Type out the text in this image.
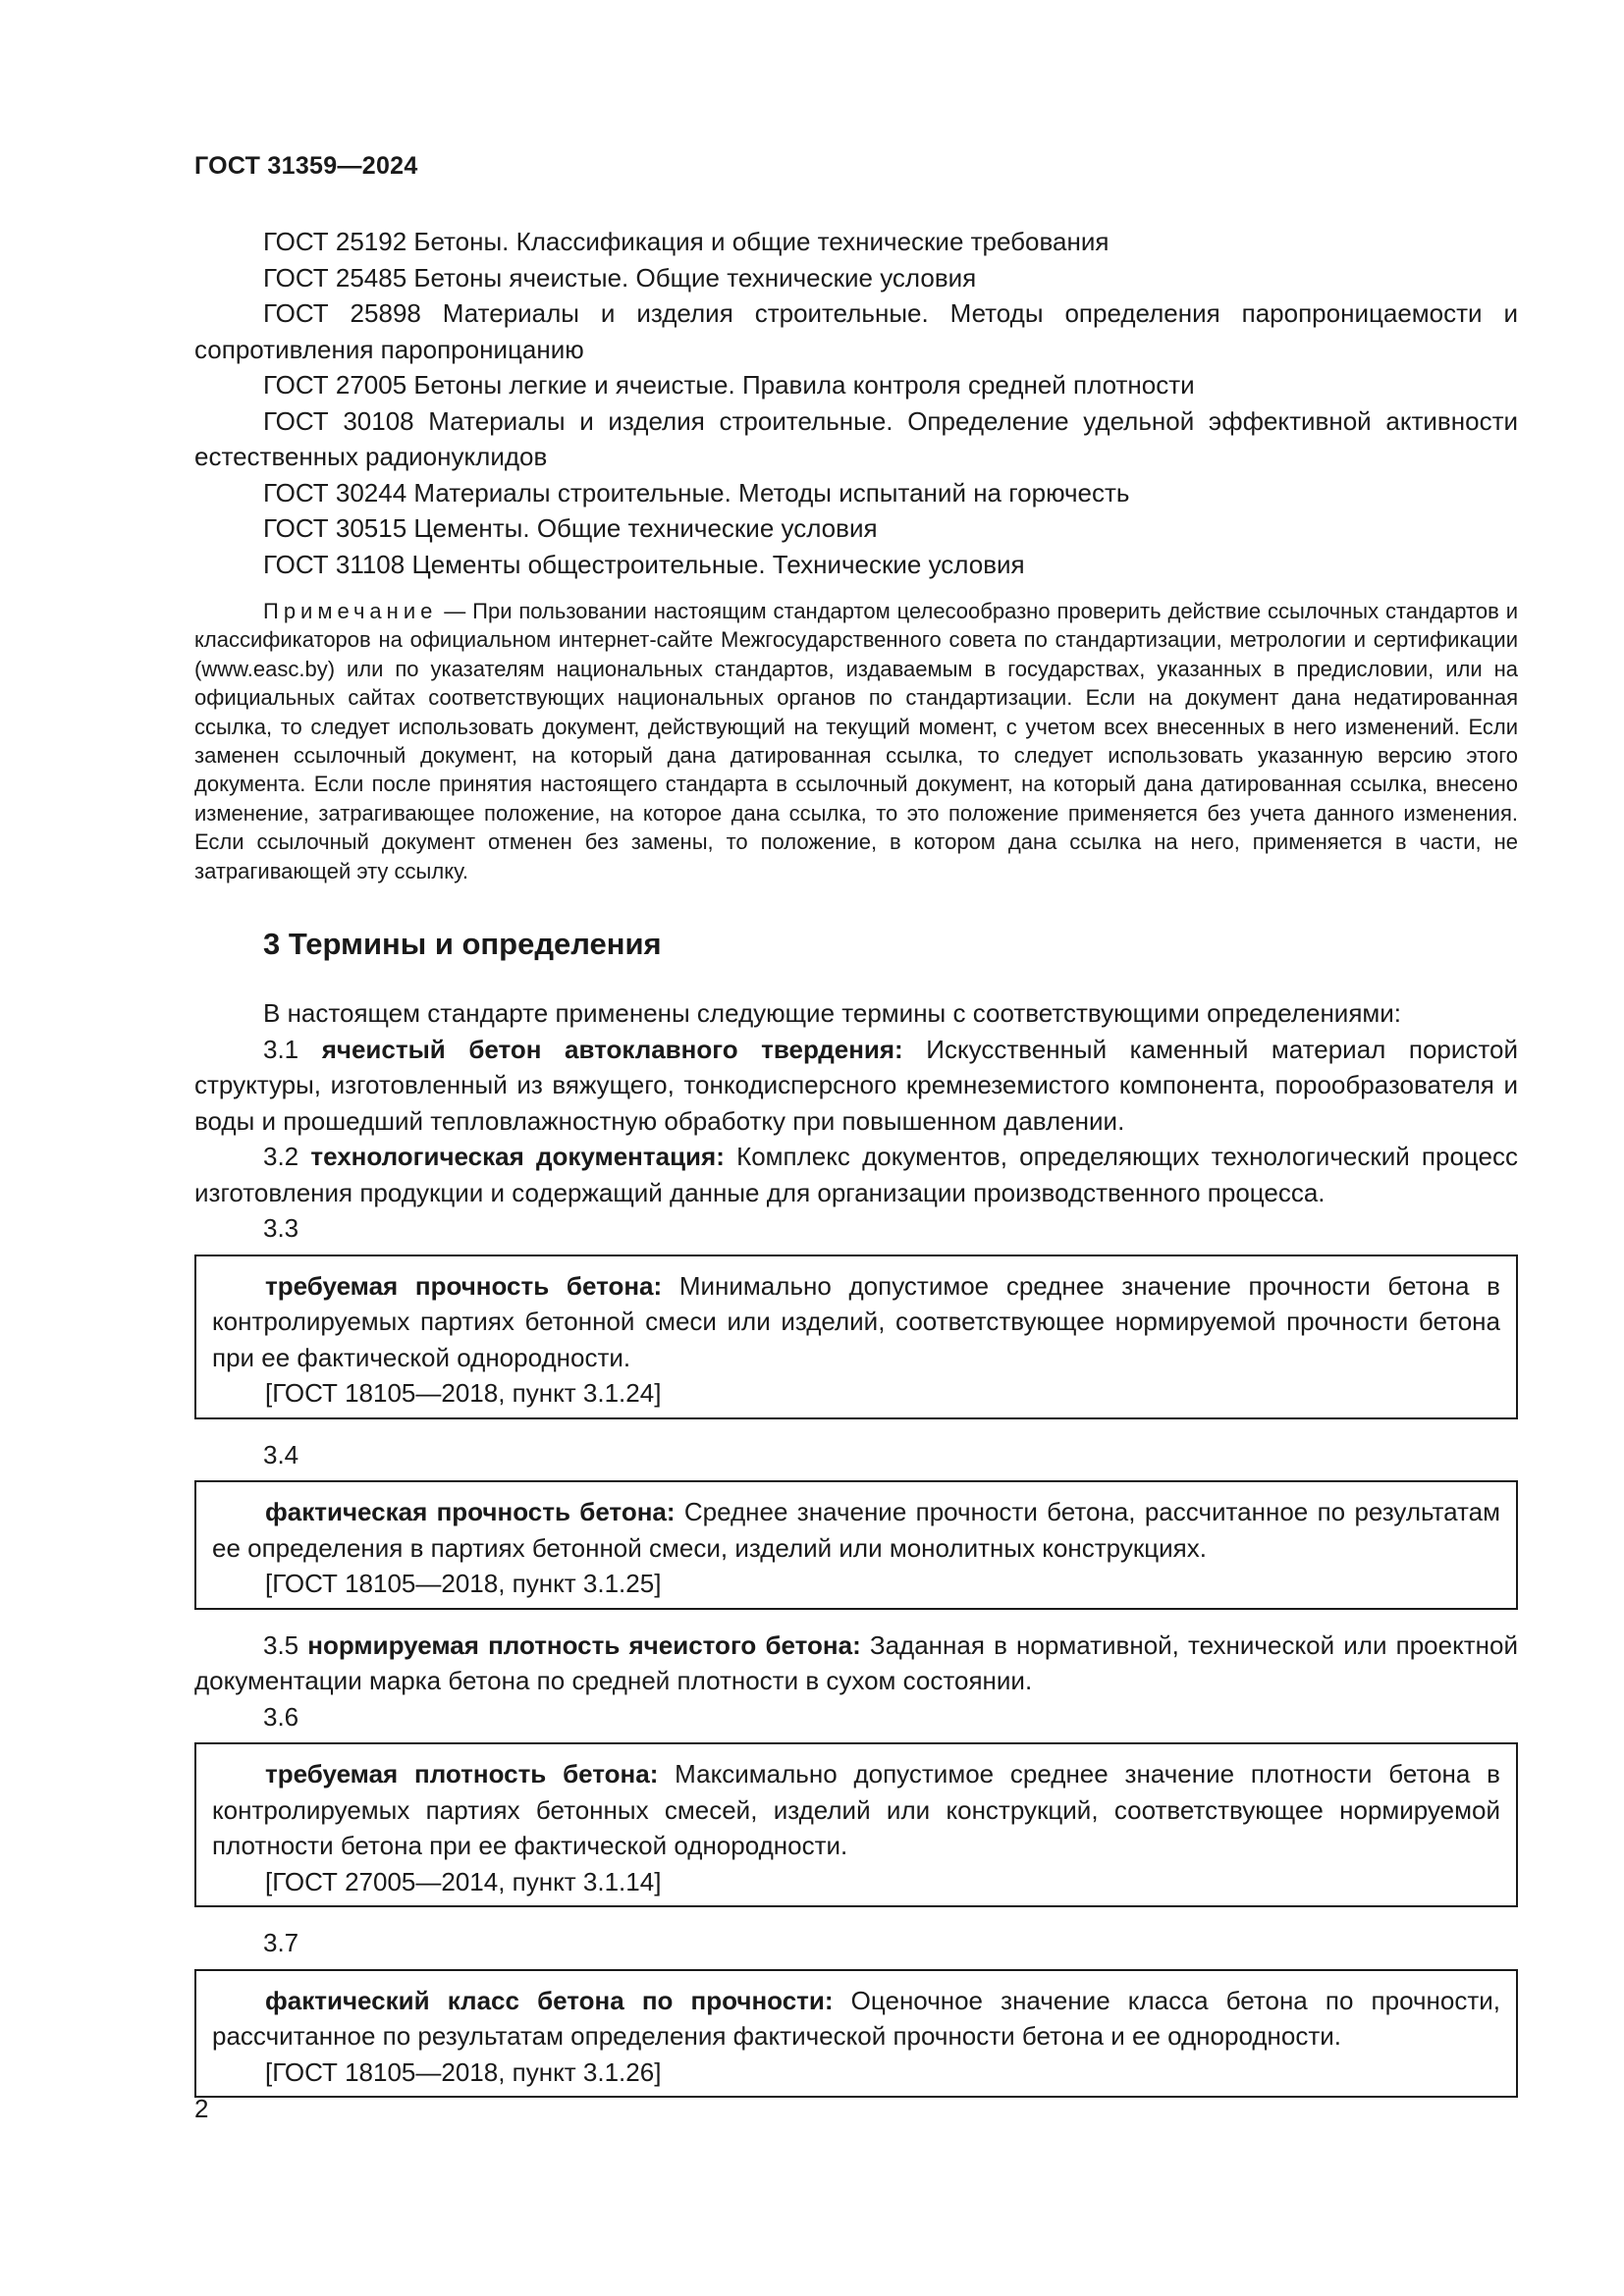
ГОСТ 31359—2024

ГОСТ 25192 Бетоны. Классификация и общие технические требования

ГОСТ 25485 Бетоны ячеистые. Общие технические условия

ГОСТ 25898 Материалы и изделия строительные. Методы определения паропроницаемости и сопротивления паропроницанию

ГОСТ 27005 Бетоны легкие и ячеистые. Правила контроля средней плотности

ГОСТ 30108 Материалы и изделия строительные. Определение удельной эффективной активности естественных радионуклидов

ГОСТ 30244 Материалы строительные. Методы испытаний на горючесть

ГОСТ 30515 Цементы. Общие технические условия

ГОСТ 31108 Цементы общестроительные. Технические условия

Примечание — При пользовании настоящим стандартом целесообразно проверить действие ссылочных стандартов и классификаторов на официальном интернет-сайте Межгосударственного совета по стандартизации, метрологии и сертификации (www.easc.by) или по указателям национальных стандартов, издаваемым в государствах, указанных в предисловии, или на официальных сайтах соответствующих национальных органов по стандартизации. Если на документ дана недатированная ссылка, то следует использовать документ, действующий на текущий момент, с учетом всех внесенных в него изменений. Если заменен ссылочный документ, на который дана датированная ссылка, то следует использовать указанную версию этого документа. Если после принятия настоящего стандарта в ссылочный документ, на который дана датированная ссылка, внесено изменение, затрагивающее положение, на которое дана ссылка, то это положение применяется без учета данного изменения. Если ссылочный документ отменен без замены, то положение, в котором дана ссылка на него, применяется в части, не затрагивающей эту ссылку.

3 Термины и определения

В настоящем стандарте применены следующие термины с соответствующими определениями:

3.1 ячеистый бетон автоклавного твердения: Искусственный каменный материал пористой структуры, изготовленный из вяжущего, тонкодисперсного кремнеземистого компонента, порообразователя и воды и прошедший тепловлажностную обработку при повышенном давлении.

3.2 технологическая документация: Комплекс документов, определяющих технологический процесс изготовления продукции и содержащий данные для организации производственного процесса.

3.3

требуемая прочность бетона: Минимально допустимое среднее значение прочности бетона в контролируемых партиях бетонной смеси или изделий, соответствующее нормируемой прочности бетона при ее фактической однородности.

[ГОСТ 18105—2018, пункт 3.1.24]

3.4

фактическая прочность бетона: Среднее значение прочности бетона, рассчитанное по результатам ее определения в партиях бетонной смеси, изделий или монолитных конструкциях.

[ГОСТ 18105—2018, пункт 3.1.25]

3.5 нормируемая плотность ячеистого бетона: Заданная в нормативной, технической или проектной документации марка бетона по средней плотности в сухом состоянии.

3.6

требуемая плотность бетона: Максимально допустимое среднее значение плотности бетона в контролируемых партиях бетонных смесей, изделий или конструкций, соответствующее нормируемой плотности бетона при ее фактической однородности.

[ГОСТ 27005—2014, пункт 3.1.14]

3.7

фактический класс бетона по прочности: Оценочное значение класса бетона по прочности, рассчитанное по результатам определения фактической прочности бетона и ее однородности.

[ГОСТ 18105—2018, пункт 3.1.26]

2
